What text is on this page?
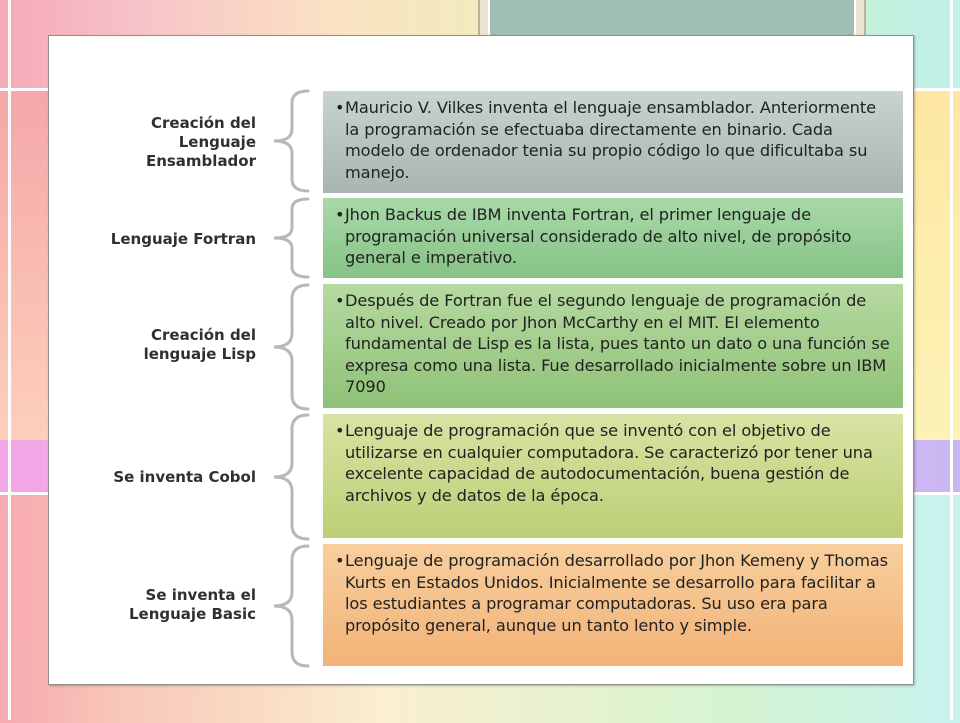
Creación del
Lenguaje
Ensamblador
• Mauricio V. Vilkes inventa el lenguaje ensamblador. Anteriormente la programación se efectuaba directamente en binario. Cada modelo de ordenador tenia su propio código lo que dificultaba su manejo.

Lenguaje Fortran
• Jhon Backus de IBM inventa Fortran, el primer lenguaje de programación universal considerado de alto nivel, de propósito general e imperativo.

Creación del
lenguaje Lisp
• Después de Fortran fue el segundo lenguaje de programación de alto nivel. Creado por Jhon McCarthy en el MIT. El elemento fundamental de Lisp es la lista, pues tanto un dato o una función se expresa como una lista. Fue desarrollado inicialmente sobre un IBM 7090

Se inventa Cobol
• Lenguaje de programación que se inventó con el objetivo de utilizarse en cualquier computadora. Se caracterizó por tener una excelente capacidad de autodocumentación, buena gestión de archivos y de datos de la época.

Se inventa el
Lenguaje Basic
• Lenguaje de programación desarrollado por Jhon Kemeny y Thomas Kurts en Estados Unidos. Inicialmente se desarrollo para facilitar a los estudiantes a programar computadoras. Su uso era para propósito general, aunque un tanto lento y simple.
